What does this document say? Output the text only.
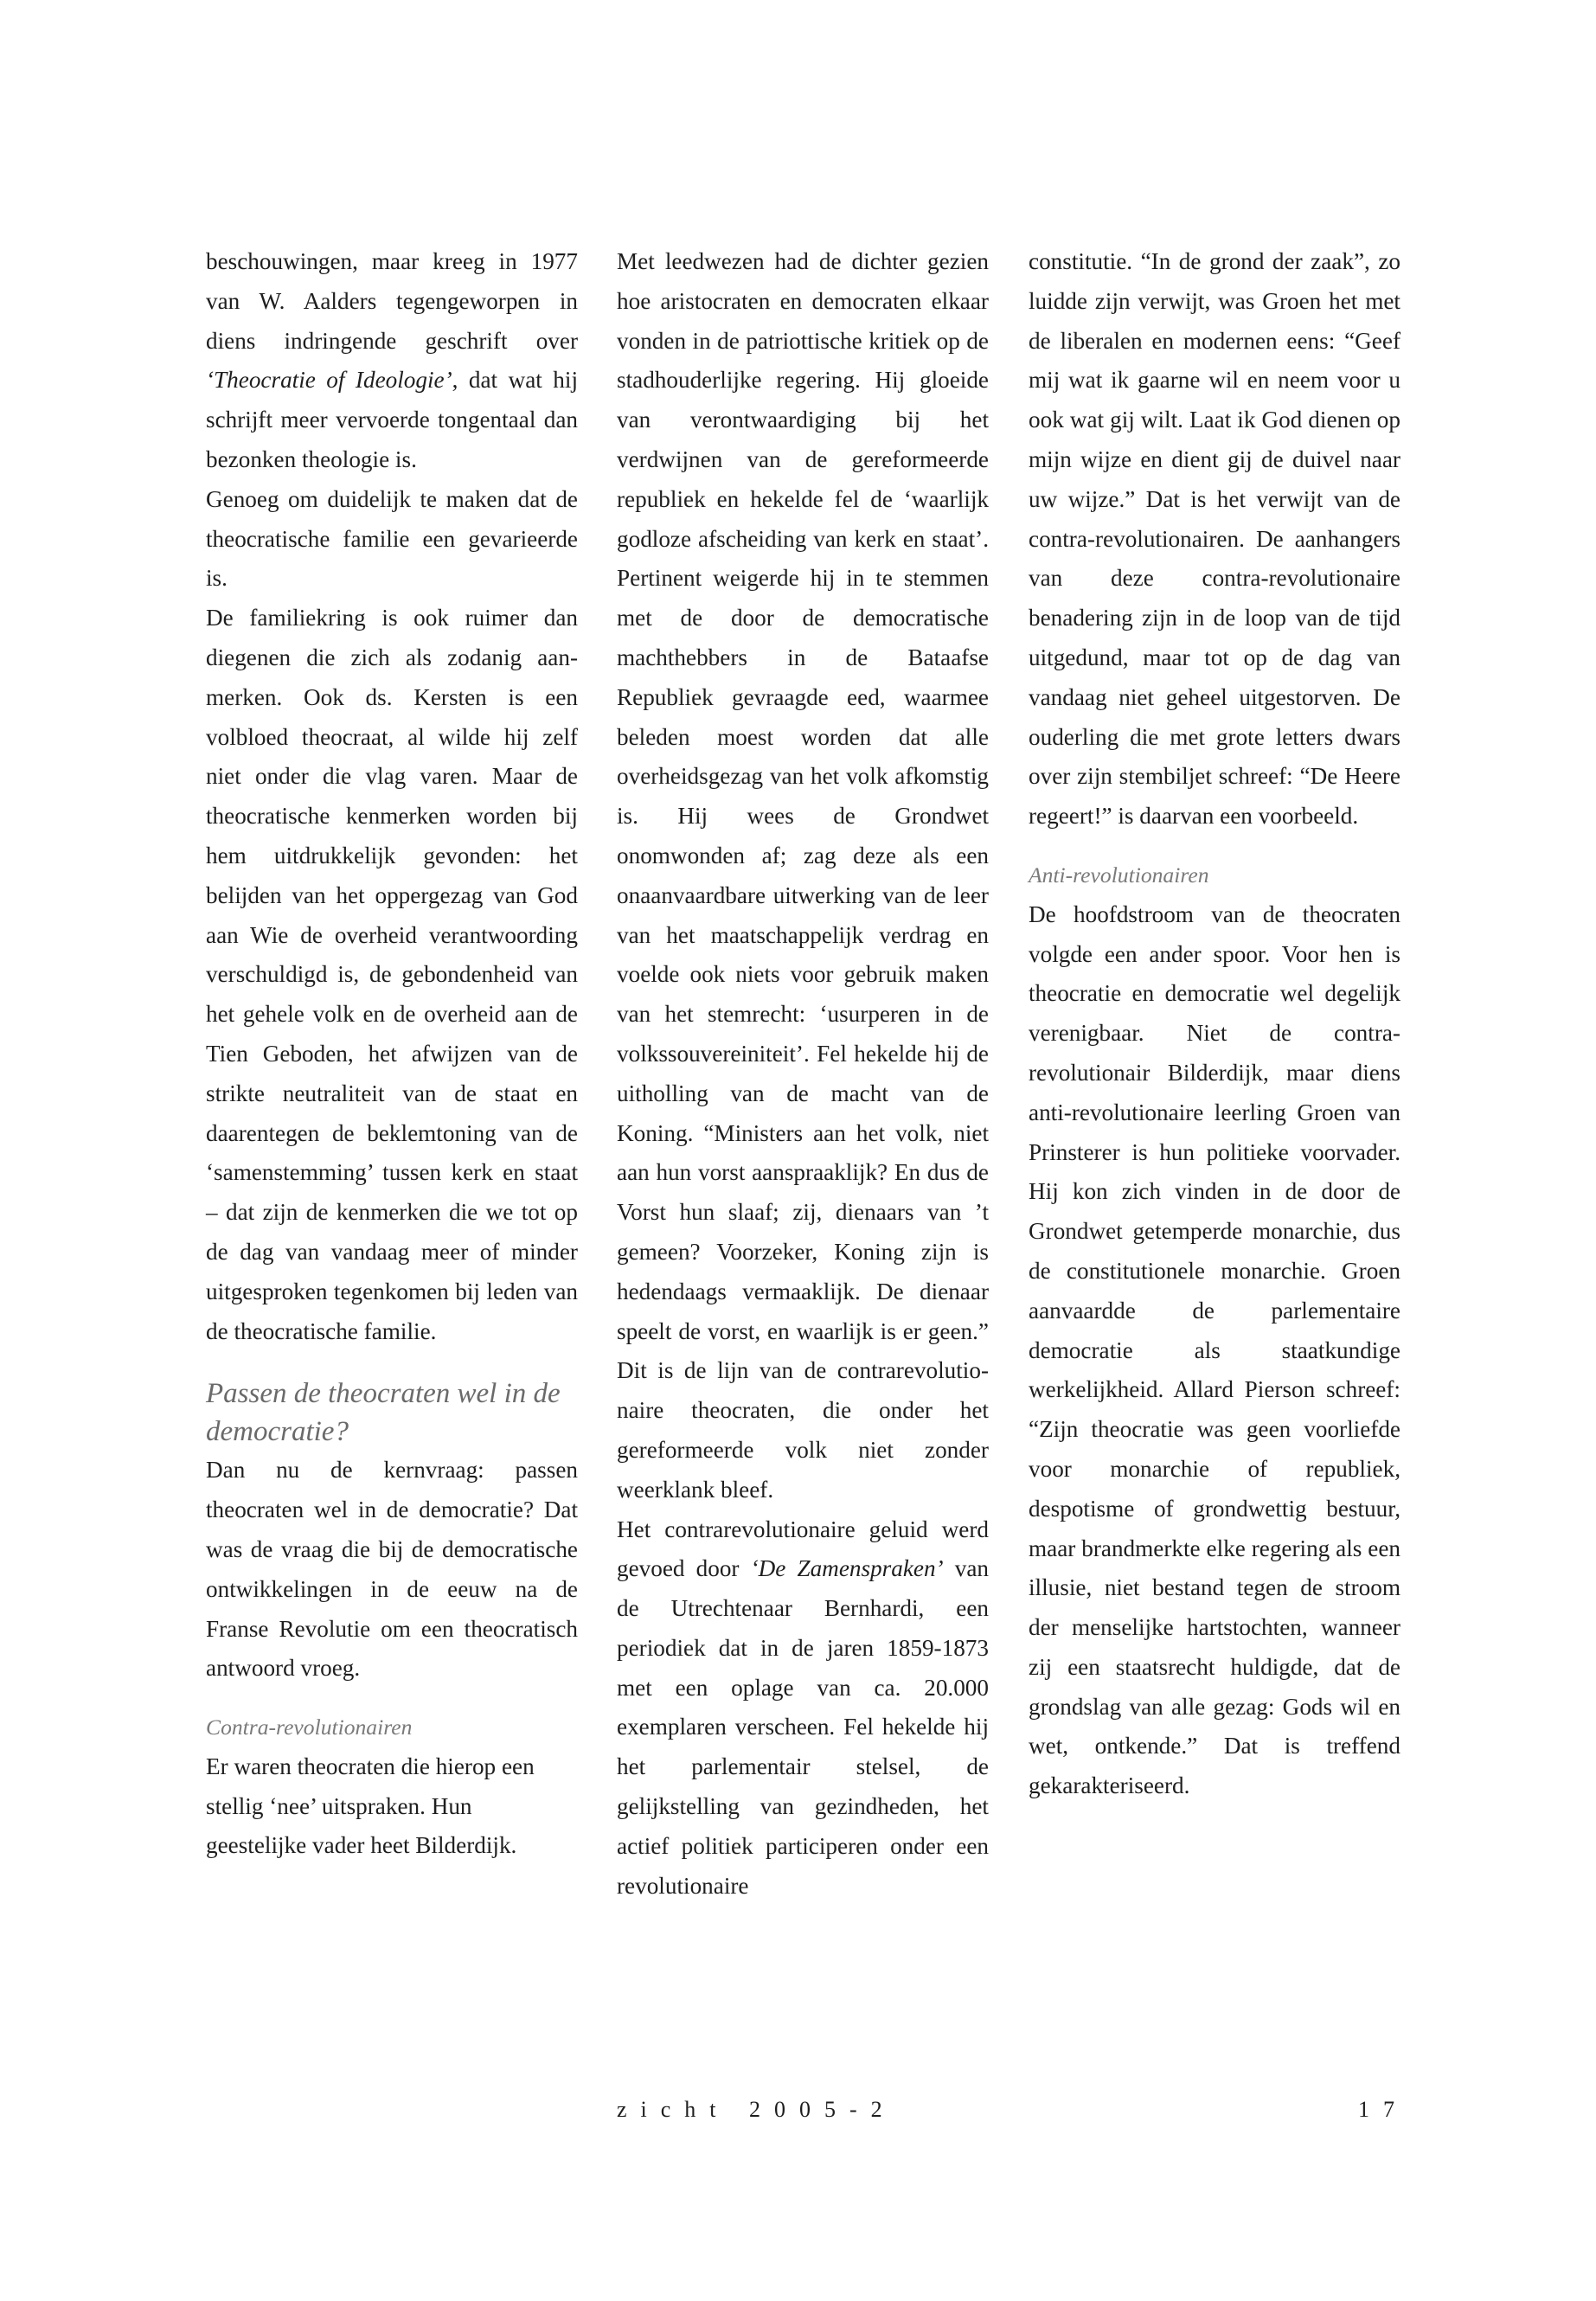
beschouwingen, maar kreeg in 1977 van W. Aalders tegengeworpen in diens indringende geschrift over ‘Theocratie of Ideologie’, dat wat hij schrijft meer vervoerde tongentaal dan bezonken theologie is.

Genoeg om duidelijk te maken dat de theocratische familie een gevarieerde is.

De familiekring is ook ruimer dan diegenen die zich als zodanig aanmerken. Ook ds. Kersten is een volbloed theocraat, al wilde hij zelf niet onder die vlag varen. Maar de theocratische kenmerken worden bij hem uitdrukkelijk gevonden: het belijden van het oppergezag van God aan Wie de overheid verantwoording verschuldigd is, de gebondenheid van het gehele volk en de overheid aan de Tien Geboden, het afwijzen van de strikte neutraliteit van de staat en daarentegen de beklemtoning van de ‘samenstemming’ tussen kerk en staat – dat zijn de kenmerken die we tot op de dag van vandaag meer of minder uitgesproken tegenkomen bij leden van de theocratische familie.

Passen de theocraten wel in de democratie?

Dan nu de kernvraag: passen theocraten wel in de democratie? Dat was de vraag die bij de democratische ontwikkelingen in de eeuw na de Franse Revolutie om een theocratisch antwoord vroeg.

Contra-revolutionairen

Er waren theocraten die hierop een stellig ‘nee’ uitspraken. Hun geestelijke vader heet Bilderdijk.

Met leedwezen had de dichter gezien hoe aristocraten en democraten elkaar vonden in de patriottische kritiek op de stadhouderlijke regering. Hij gloeide van verontwaardiging bij het verdwijnen van de gereformeerde republiek en hekelde fel de ‘waarlijk godloze afscheiding van kerk en staat’. Pertinent weigerde hij in te stemmen met de door de democratische machthebbers in de Bataafse Republiek gevraagde eed, waarmee beleden moest worden dat alle overheidsgezag van het volk afkomstig is. Hij wees de Grondwet onomwonden af; zag deze als een onaanvaardbare uitwerking van de leer van het maatschappelijk verdrag en voelde ook niets voor gebruik maken van het stemrecht: ‘usurperen in de volkssouvereiniteit’. Fel hekelde hij de uitholling van de macht van de Koning. “Ministers aan het volk, niet aan hun vorst aanspraaklijk? En dus de Vorst hun slaaf; zij, dienaars van ’t gemeen? Voorzeker, Koning zijn is hedendaags vermaaklijk. De dienaar speelt de vorst, en waarlijk is er geen.” Dit is de lijn van de contrarevolutionaire theocraten, die onder het gereformeerde volk niet zonder weerklank bleef.

Het contrarevolutionaire geluid werd gevoed door ‘De Zamenspraken’ van de Utrechtenaar Bernhardi, een periodiek dat in de jaren 1859-1873 met een oplage van ca. 20.000 exemplaren verscheen. Fel hekelde hij het parlementair stelsel, de gelijkstelling van gezindheden, het actief politiek participeren onder een revolutionaire

constitutie. “In de grond der zaak”, zo luidde zijn verwijt, was Groen het met de liberalen en modernen eens: “Geef mij wat ik gaarne wil en neem voor u ook wat gij wilt. Laat ik God dienen op mijn wijze en dient gij de duivel naar uw wijze.” Dat is het verwijt van de contra-revolutionairen. De aanhangers van deze contra-revolutionaire benadering zijn in de loop van de tijd uitgedund, maar tot op de dag van vandaag niet geheel uitgestorven. De ouderling die met grote letters dwars over zijn stembiljet schreef: “De Heere regeert!” is daarvan een voorbeeld.

Anti-revolutionairen

De hoofdstroom van de theocraten volgde een ander spoor. Voor hen is theocratie en democratie wel degelijk verenigbaar. Niet de contra-revolutionair Bilderdijk, maar diens anti-revolutionaire leerling Groen van Prinsterer is hun politieke voorvader. Hij kon zich vinden in de door de Grondwet getemperde monarchie, dus de constitutionele monarchie. Groen aanvaardde de parlementaire democratie als staatkundige werkelijkheid. Allard Pierson schreef: “Zijn theocratie was geen voorliefde voor monarchie of republiek, despotisme of grondwettig bestuur, maar brandmerkte elke regering als een illusie, niet bestand tegen de stroom der menselijke hartstochten, wanneer zij een staatsrecht huldigde, dat de grondslag van alle gezag: Gods wil en wet, ontkende.” Dat is treffend gekarakteriseerd.

zicht 2005-2	17
